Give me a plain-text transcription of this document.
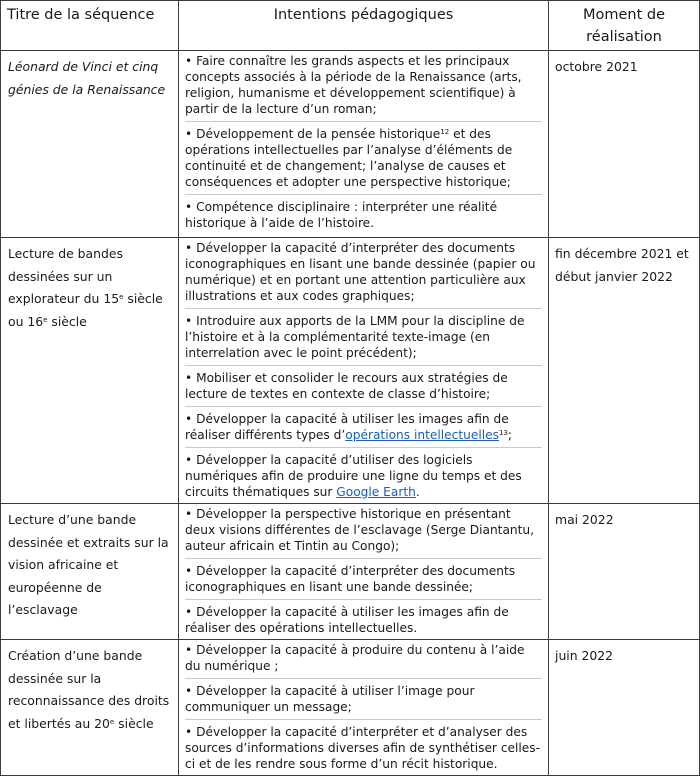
Titre de la séquence	Intentions pédagogiques	Moment de réalisation
Léonard de Vinci et cinq génies de la Renaissance	• Faire connaître les grands aspects et les principaux concepts associés à la période de la Renaissance (arts, religion, humanisme et développement scientifique) à partir de la lecture d’un roman;
• Développement de la pensée historique$^{12}$ et des opérations intellectuelles par l’analyse d’éléments de continuité et de changement; l’analyse de causes et conséquences et adopter une perspective historique;
• Compétence disciplinaire : interpréter une réalité historique à l’aide de l’histoire.	octobre 2021
Lecture de bandes dessinées sur un explorateur du 15e siècle ou 16e siècle	• Développer la capacité d’interpréter des documents iconographiques en lisant une bande dessinée (papier ou numérique) et en portant une attention particulière aux illustrations et aux codes graphiques;
• Introduire aux apports de la LMM pour la discipline de l’histoire et à la complémentarité texte-image (en interrelation avec le point précédent);
• Mobiliser et consolider le recours aux stratégies de lecture de textes en contexte de classe d’histoire;
• Développer la capacité à utiliser les images afin de réaliser différents types d’opérations intellectuelles$^{13}$;
• Développer la capacité d’utiliser des logiciels numériques afin de produire une ligne du temps et des circuits thématiques sur Google Earth.	fin décembre 2021 et début janvier 2022
Lecture d’une bande dessinée et extraits sur la vision africaine et européenne de l’esclavage	• Développer la perspective historique en présentant deux visions différentes de l’esclavage (Serge Diantantu, auteur africain et Tintin au Congo);
• Développer la capacité d’interpréter des documents iconographiques en lisant une bande dessinée;
• Développer la capacité à utiliser les images afin de réaliser des opérations intellectuelles.	mai 2022
Création d’une bande dessinée sur la reconnaissance des droits et libertés au 20e siècle	• Développer la capacité à produire du contenu à l’aide du numérique ;
• Développer la capacité à utiliser l’image pour communiquer un message;
• Développer la capacité d’interpréter et d’analyser des sources d’informations diverses afin de synthétiser celles-ci et de les rendre sous forme d’un récit historique.	juin 2022
